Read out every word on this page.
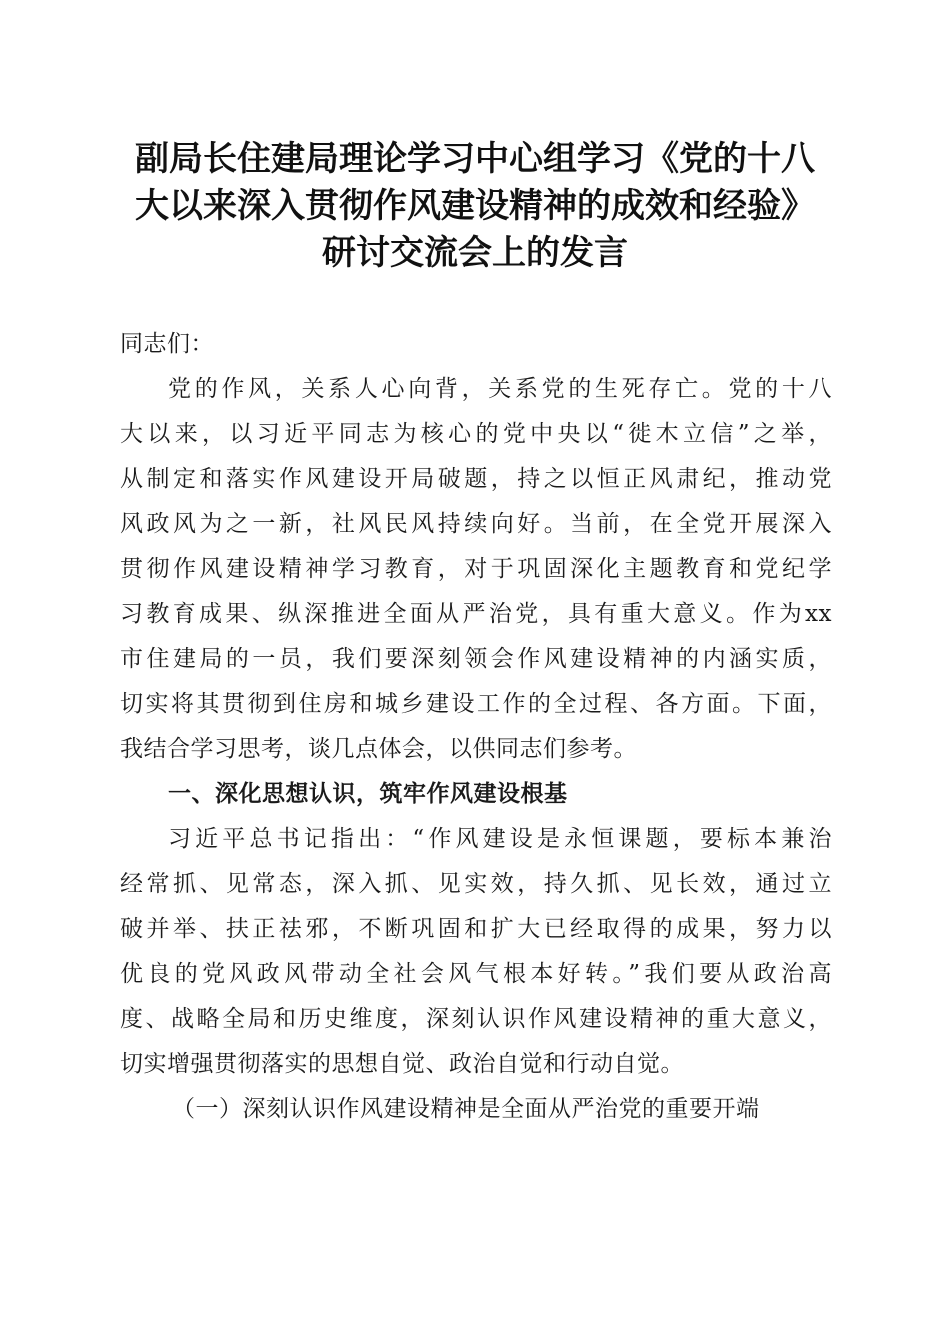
副局长住建局理论学习中心组学习《党的十八
大以来深入贯彻作风建设精神的成效和经验》
研讨交流会上的发言
同志们：
党的作风，关系人心向背，关系党的生死存亡。党的十八
大以来，以习近平同志为核心的党中央以“徙木立信”之举，
从制定和落实作风建设开局破题，持之以恒正风肃纪，推动党
风政风为之一新，社风民风持续向好。当前，在全党开展深入
贯彻作风建设精神学习教育，对于巩固深化主题教育和党纪学
习教育成果、纵深推进全面从严治党，具有重大意义。作为xx
市住建局的一员，我们要深刻领会作风建设精神的内涵实质，
切实将其贯彻到住房和城乡建设工作的全过程、各方面。下面，
我结合学习思考，谈几点体会，以供同志们参考。
一、深化思想认识，筑牢作风建设根基
习近平总书记指出：“作风建设是永恒课题，要标本兼治
经常抓、见常态，深入抓、见实效，持久抓、见长效，通过立
破并举、扶正祛邪，不断巩固和扩大已经取得的成果，努力以
优良的党风政风带动全社会风气根本好转。”我们要从政治高
度、战略全局和历史维度，深刻认识作风建设精神的重大意义，
切实增强贯彻落实的思想自觉、政治自觉和行动自觉。
（一）深刻认识作风建设精神是全面从严治党的重要开端
